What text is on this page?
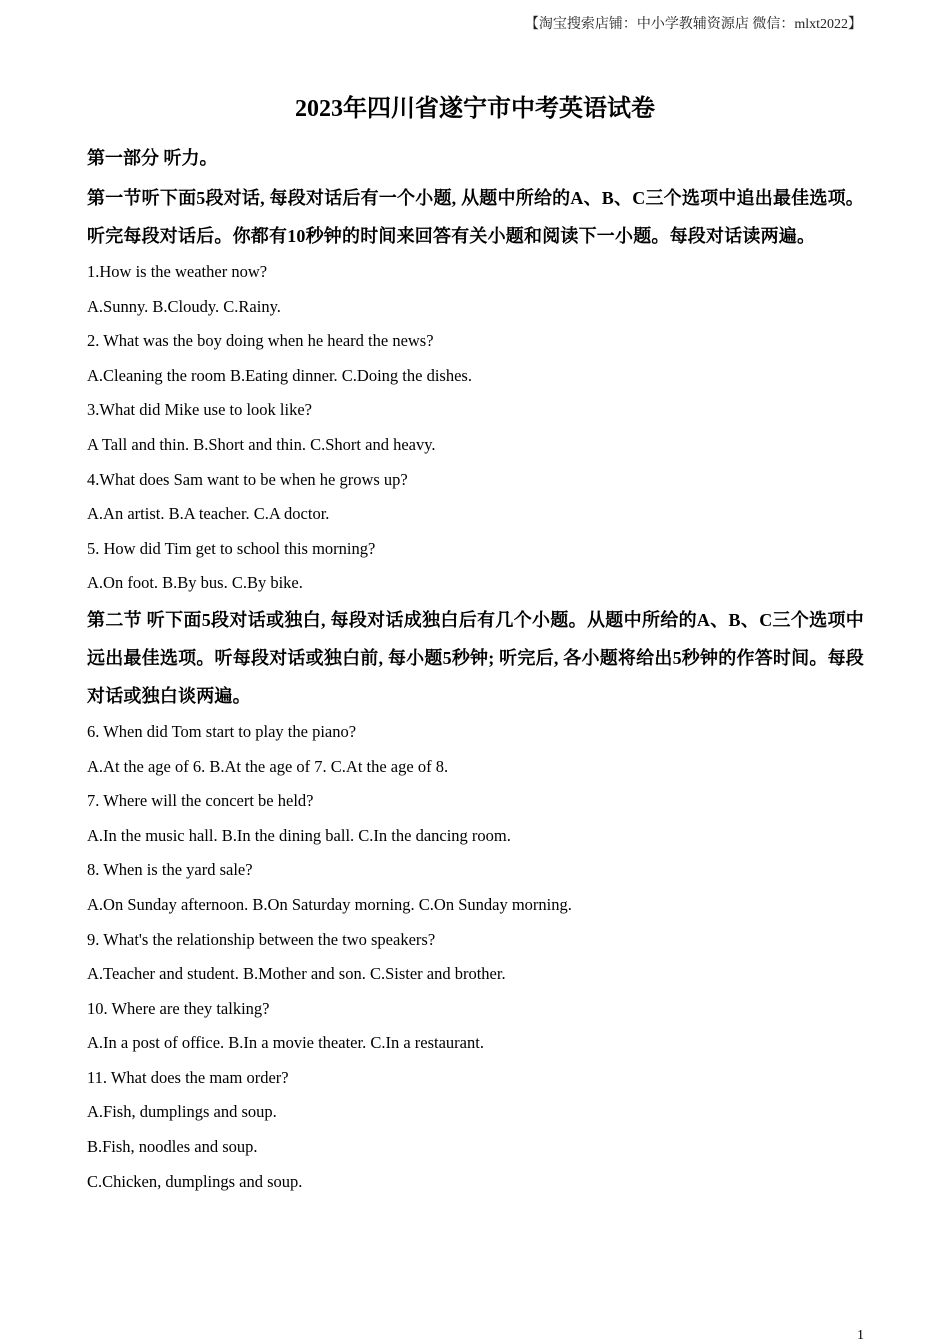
【淘宝搜索店铺：中小学教辅资源店 微信：mlxt2022】
2023年四川省遂宁市中考英语试卷
第一部分 听力。
第一节听下面5段对话, 每段对话后有一个小题, 从题中所给的A、B、C三个选项中追出最佳选项。听完每段对话后。你都有10秒钟的时间来回答有关小题和阅读下一小题。每段对话读两遍。
1.How is the weather now?
A.Sunny. B.Cloudy. C.Rainy.
2. What was the boy doing when he heard the news?
A.Cleaning the room B.Eating dinner. C.Doing the dishes.
3.What did Mike use to look like?
A Tall and thin. B.Short and thin. C.Short and heavy.
4.What does Sam want to be when he grows up?
A.An artist. B.A teacher. C.A doctor.
5. How did Tim get to school this morning?
A.On foot. B.By bus. C.By bike.
第二节 听下面5段对话或独白, 每段对话成独白后有几个小题。从题中所给的A、B、C三个选项中远出最佳选项。听每段对话或独白前, 每小题5秒钟; 听完后, 各小题将给出5秒钟的作答时间。每段对话或独白谈两遍。
6. When did Tom start to play the piano?
A.At the age of 6. B.At the age of 7. C.At the age of 8.
7. Where will the concert be held?
A.In the music hall. B.In the dining ball. C.In the dancing room.
8. When is the yard sale?
A.On Sunday afternoon. B.On Saturday morning. C.On Sunday morning.
9. What's the relationship between the two speakers?
A.Teacher and student. B.Mother and son. C.Sister and brother.
10. Where are they talking?
A.In a post of office. B.In a movie theater. C.In a restaurant.
11. What does the mam order?
A.Fish, dumplings and soup.
B.Fish, noodles and soup.
C.Chicken, dumplings and soup.
1
